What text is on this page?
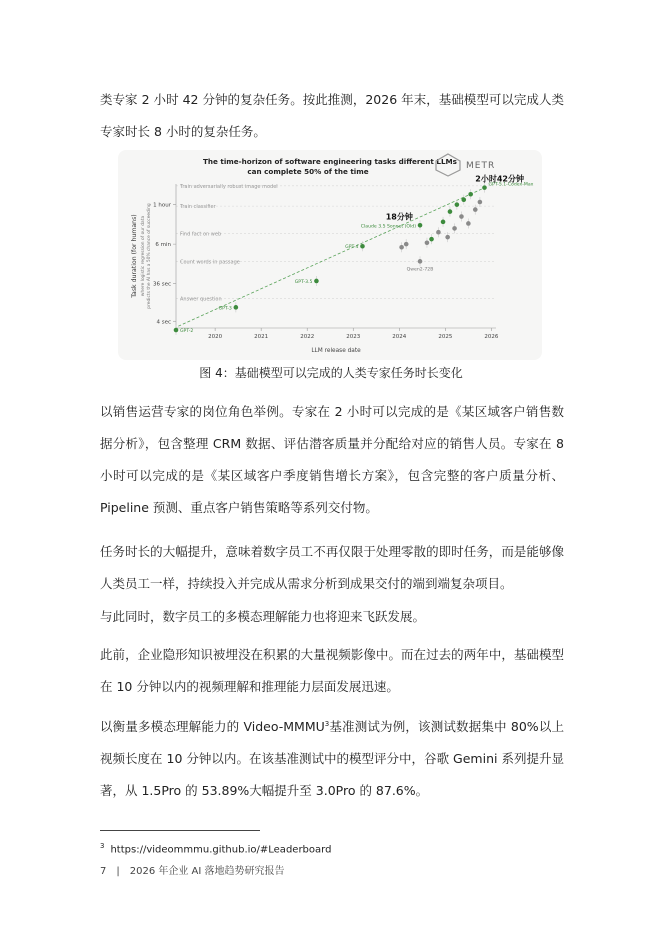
类专家 2 小时 42 分钟的复杂任务。按此推测，2026 年末，基础模型可以完成人类专家时长 8 小时的复杂任务。

The time-horizon of software engineering tasks different LLMs
can complete 50% of the time
METR
Answer question
Count words in passage
Find fact on web
Train classifier
Train adversarially robust image model
4 sec
36 sec
6 min
1 hour
2020	2021	2022	2023	2024	2025	2026
LLM release date
Task duration (for humans) where logistic regression of our data predicts the AI has a 50% chance of succeeding
GPT-2
GPT-3
GPT-3.5
GPT-4
Claude 3.5 Sonnet (Old)
GPT-5.1-Codex-Max
Qwen2-72B
18分钟
2小时42分钟
图 4：基础模型可以完成的人类专家任务时长变化

以销售运营专家的岗位角色举例。专家在 2 小时可以完成的是《某区域客户销售数据分析》，包含整理 CRM 数据、评估潜客质量并分配给对应的销售人员。专家在 8 小时可以完成的是《某区域客户季度销售增长方案》，包含完整的客户质量分析、Pipeline 预测、重点客户销售策略等系列交付物。

任务时长的大幅提升，意味着数字员工不再仅限于处理零散的即时任务，而是能够像人类员工一样，持续投入并完成从需求分析到成果交付的端到端复杂项目。

与此同时，数字员工的多模态理解能力也将迎来飞跃发展。

此前，企业隐形知识被埋没在积累的大量视频影像中。而在过去的两年中，基础模型在 10 分钟以内的视频理解和推理能力层面发展迅速。

以衡量多模态理解能力的 Video-MMMU$^3$基准测试为例，该测试数据集中 80%以上视频长度在 10 分钟以内。在该基准测试中的模型评分中，谷歌 Gemini 系列提升显著，从 1.5Pro 的 53.89%大幅提升至 3.0Pro 的 87.6%。

$^3$ https://videommmu.github.io/#Leaderboard
7 | 2026 年企业 AI 落地趋势研究报告
